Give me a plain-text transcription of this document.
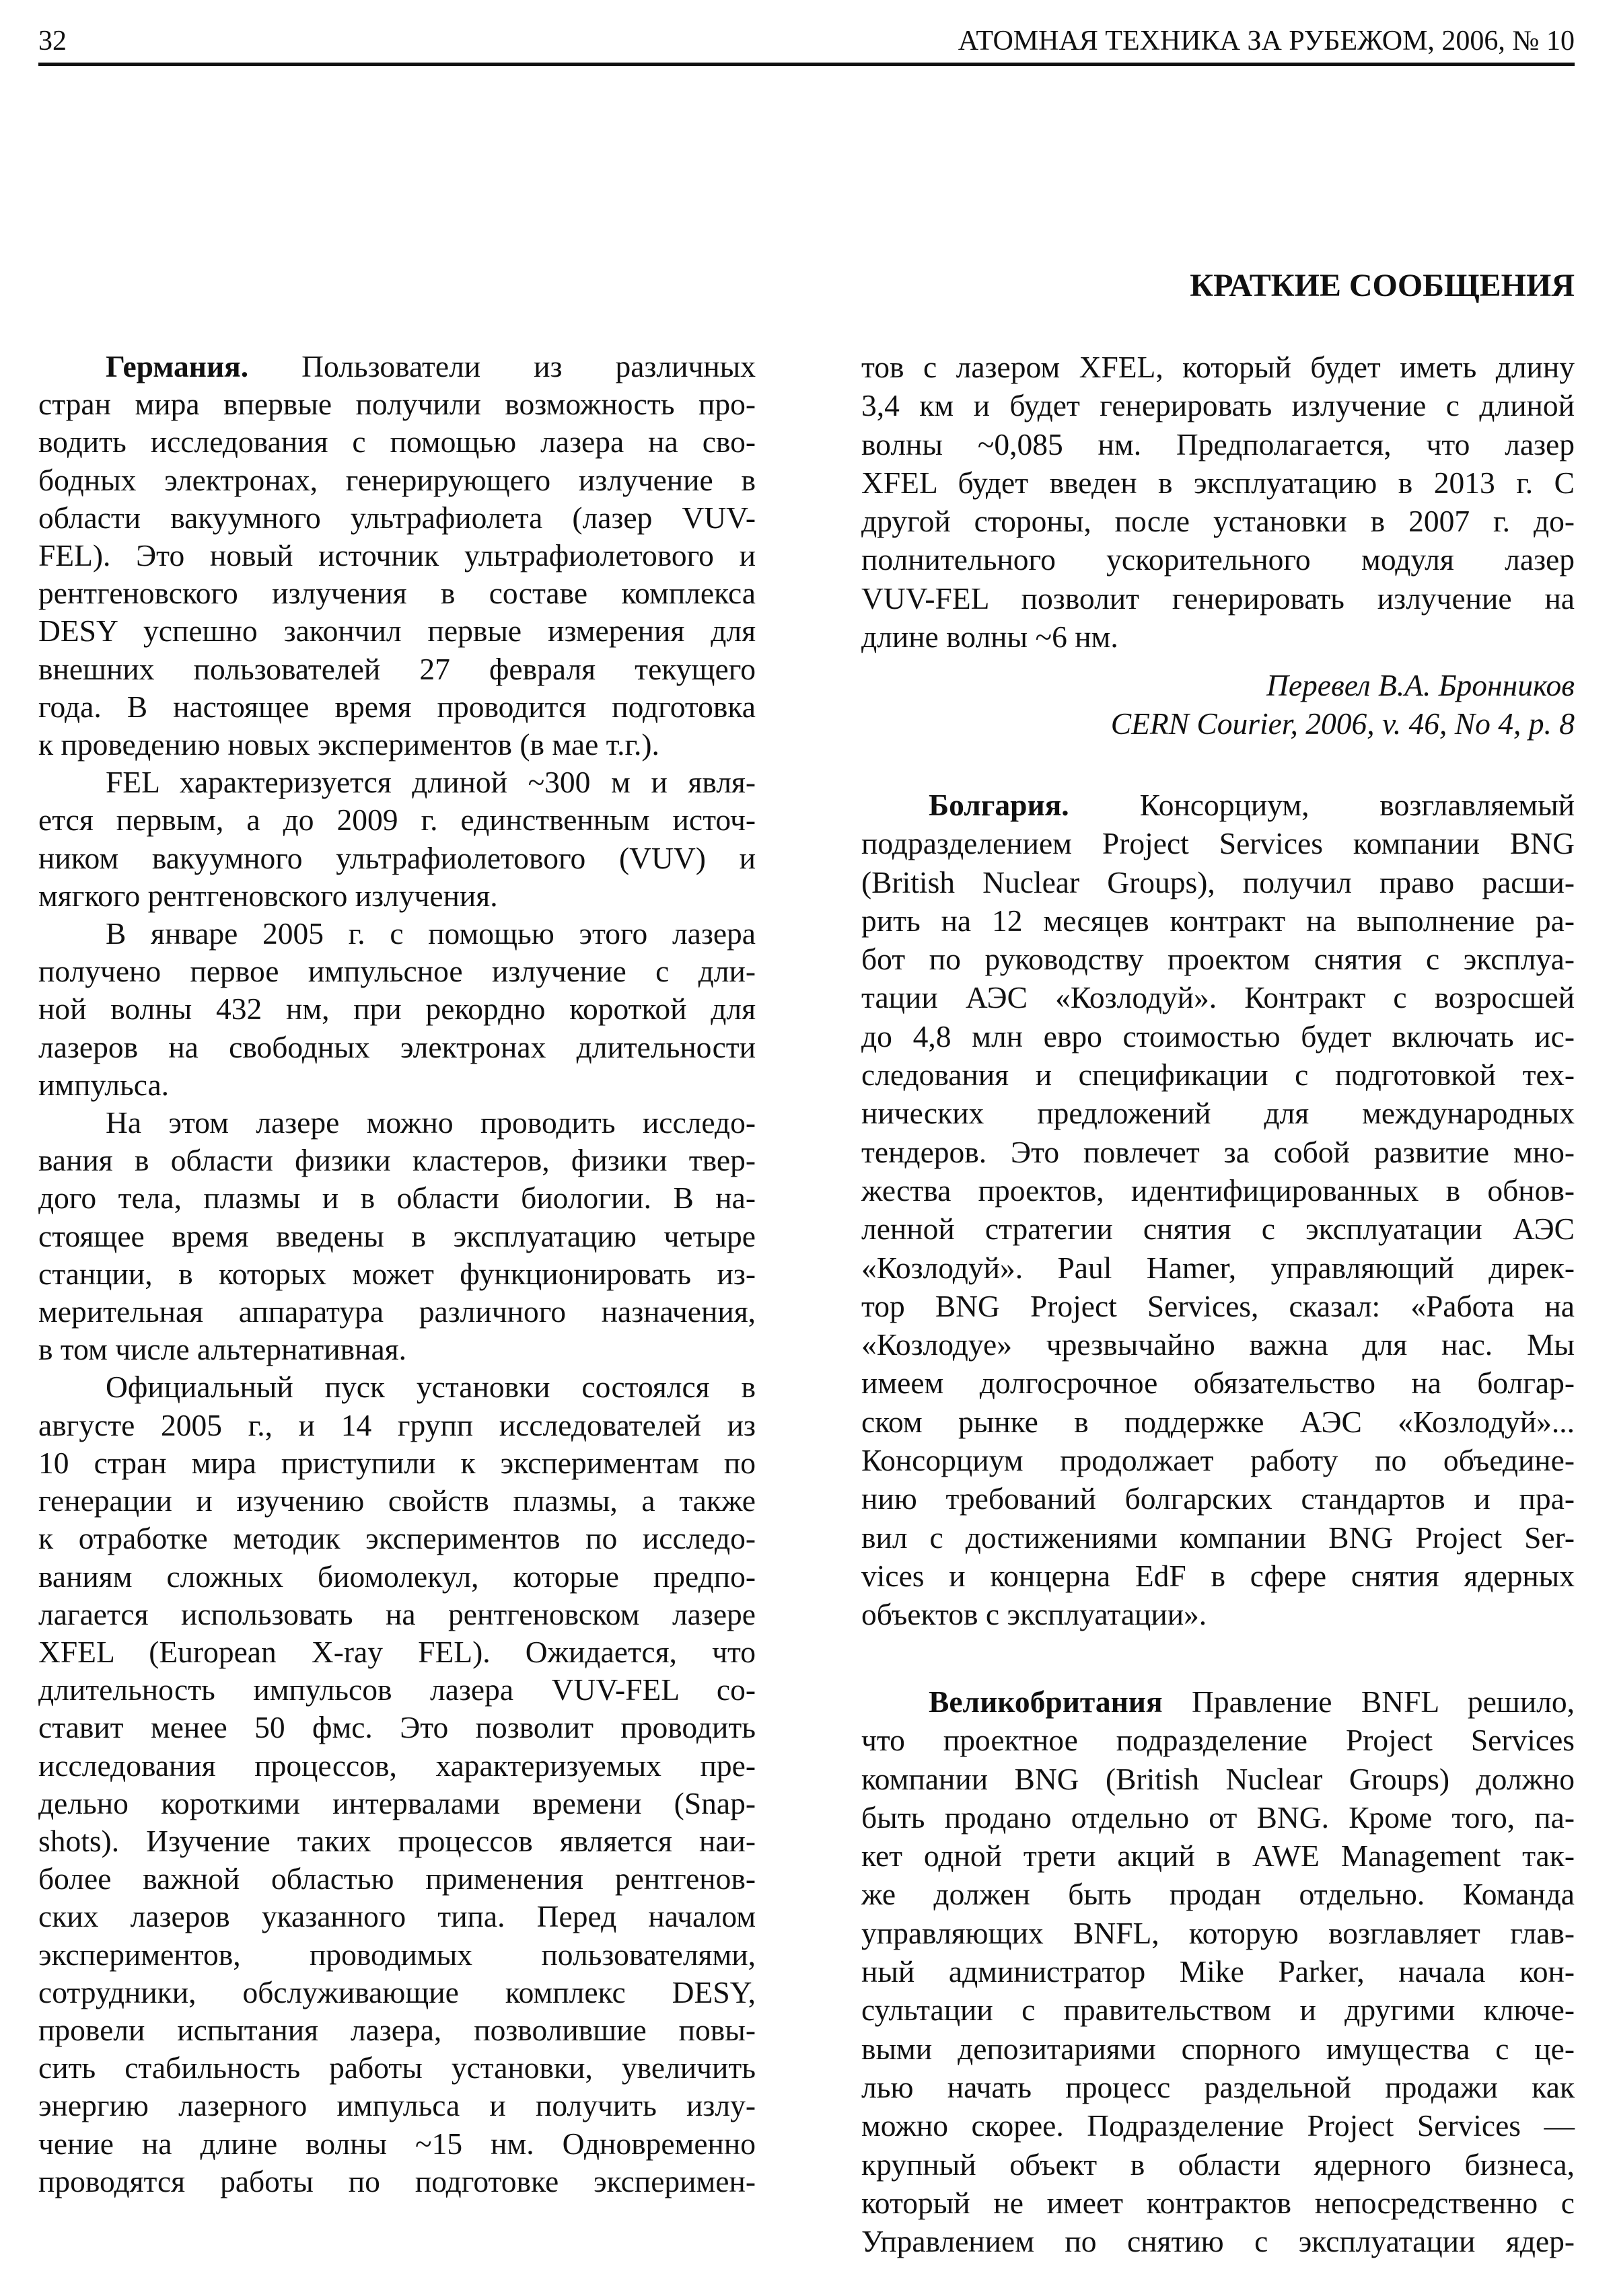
32	АТОМНАЯ ТЕХНИКА ЗА РУБЕЖОМ, 2006, № 10
КРАТКИЕ СООБЩЕНИЯ
Германия. Пользователи из различных
стран мира впервые получили возможность про-
водить исследования с помощью лазера на сво-
бодных электронах, генерирующего излучение в
области вакуумного ультрафиолета (лазер VUV-
FEL). Это новый источник ультрафиолетового и
рентгеновского излучения в составе комплекса
DESY успешно закончил первые измерения для
внешних пользователей 27 февраля текущего
года. В настоящее время проводится подготовка
к проведению новых экспериментов (в мае т.г.).
FEL характеризуется длиной ~300 м и явля-
ется первым, а до 2009 г. единственным источ-
ником вакуумного ультрафиолетового (VUV) и
мягкого рентгеновского излучения.
В январе 2005 г. с помощью этого лазера
получено первое импульсное излучение с дли-
ной волны 432 нм, при рекордно короткой для
лазеров на свободных электронах длительности
импульса.
На этом лазере можно проводить исследо-
вания в области физики кластеров, физики твер-
дого тела, плазмы и в области биологии. В на-
стоящее время введены в эксплуатацию четыре
станции, в которых может функционировать из-
мерительная аппаратура различного назначения,
в том числе альтернативная.
Официальный пуск установки состоялся в
августе 2005 г., и 14 групп исследователей из
10 стран мира приступили к экспериментам по
генерации и изучению свойств плазмы, а также
к отработке методик экспериментов по исследо-
ваниям сложных биомолекул, которые предпо-
лагается использовать на рентгеновском лазере
XFEL (European X-ray FEL). Ожидается, что
длительность импульсов лазера VUV-FEL со-
ставит менее 50 фмс. Это позволит проводить
исследования процессов, характеризуемых пре-
дельно короткими интервалами времени (Snap-
shots). Изучение таких процессов является наи-
более важной областью применения рентгенов-
ских лазеров указанного типа. Перед началом
экспериментов, проводимых пользователями,
сотрудники, обслуживающие комплекс DESY,
провели испытания лазера, позволившие повы-
сить стабильность работы установки, увеличить
энергию лазерного импульса и получить излу-
чение на длине волны ~15 нм. Одновременно
проводятся работы по подготовке эксперимен-
тов с лазером XFEL, который будет иметь длину
3,4 км и будет генерировать излучение с длиной
волны ~0,085 нм. Предполагается, что лазер
XFEL будет введен в эксплуатацию в 2013 г. С
другой стороны, после установки в 2007 г. до-
полнительного ускорительного модуля лазер
VUV-FEL позволит генерировать излучение на
длине волны ~6 нм.
Перевел В.А. Бронников
CERN Courier, 2006, v. 46, No 4, p. 8
Болгария. Консорциум, возглавляемый
подразделением Project Services компании BNG
(British Nuclear Groups), получил право расши-
рить на 12 месяцев контракт на выполнение ра-
бот по руководству проектом снятия с эксплуа-
тации АЭС «Козлодуй». Контракт с возросшей
до 4,8 млн евро стоимостью будет включать ис-
следования и спецификации с подготовкой тех-
нических предложений для международных
тендеров. Это повлечет за собой развитие мно-
жества проектов, идентифицированных в обнов-
ленной стратегии снятия с эксплуатации АЭС
«Козлодуй». Paul Hamer, управляющий дирек-
тор BNG Project Services, сказал: «Работа на
«Козлодуе» чрезвычайно важна для нас. Мы
имеем долгосрочное обязательство на болгар-
ском рынке в поддержке АЭС «Козлодуй»...
Консорциум продолжает работу по объедине-
нию требований болгарских стандартов и пра-
вил с достижениями компании BNG Project Ser-
vices и концерна EdF в сфере снятия ядерных
объектов с эксплуатации».
Великобритания Правление BNFL решило,
что проектное подразделение Project Services
компании BNG (British Nuclear Groups) должно
быть продано отдельно от BNG. Кроме того, па-
кет одной трети акций в AWE Management так-
же должен быть продан отдельно. Команда
управляющих BNFL, которую возглавляет глав-
ный администратор Mike Parker, начала кон-
сультации с правительством и другими ключе-
выми депозитариями спорного имущества с це-
лью начать процесс раздельной продажи как
можно скорее. Подразделение Project Services —
крупный объект в области ядерного бизнеса,
который не имеет контрактов непосредственно с
Управлением по снятию с эксплуатации ядер-
